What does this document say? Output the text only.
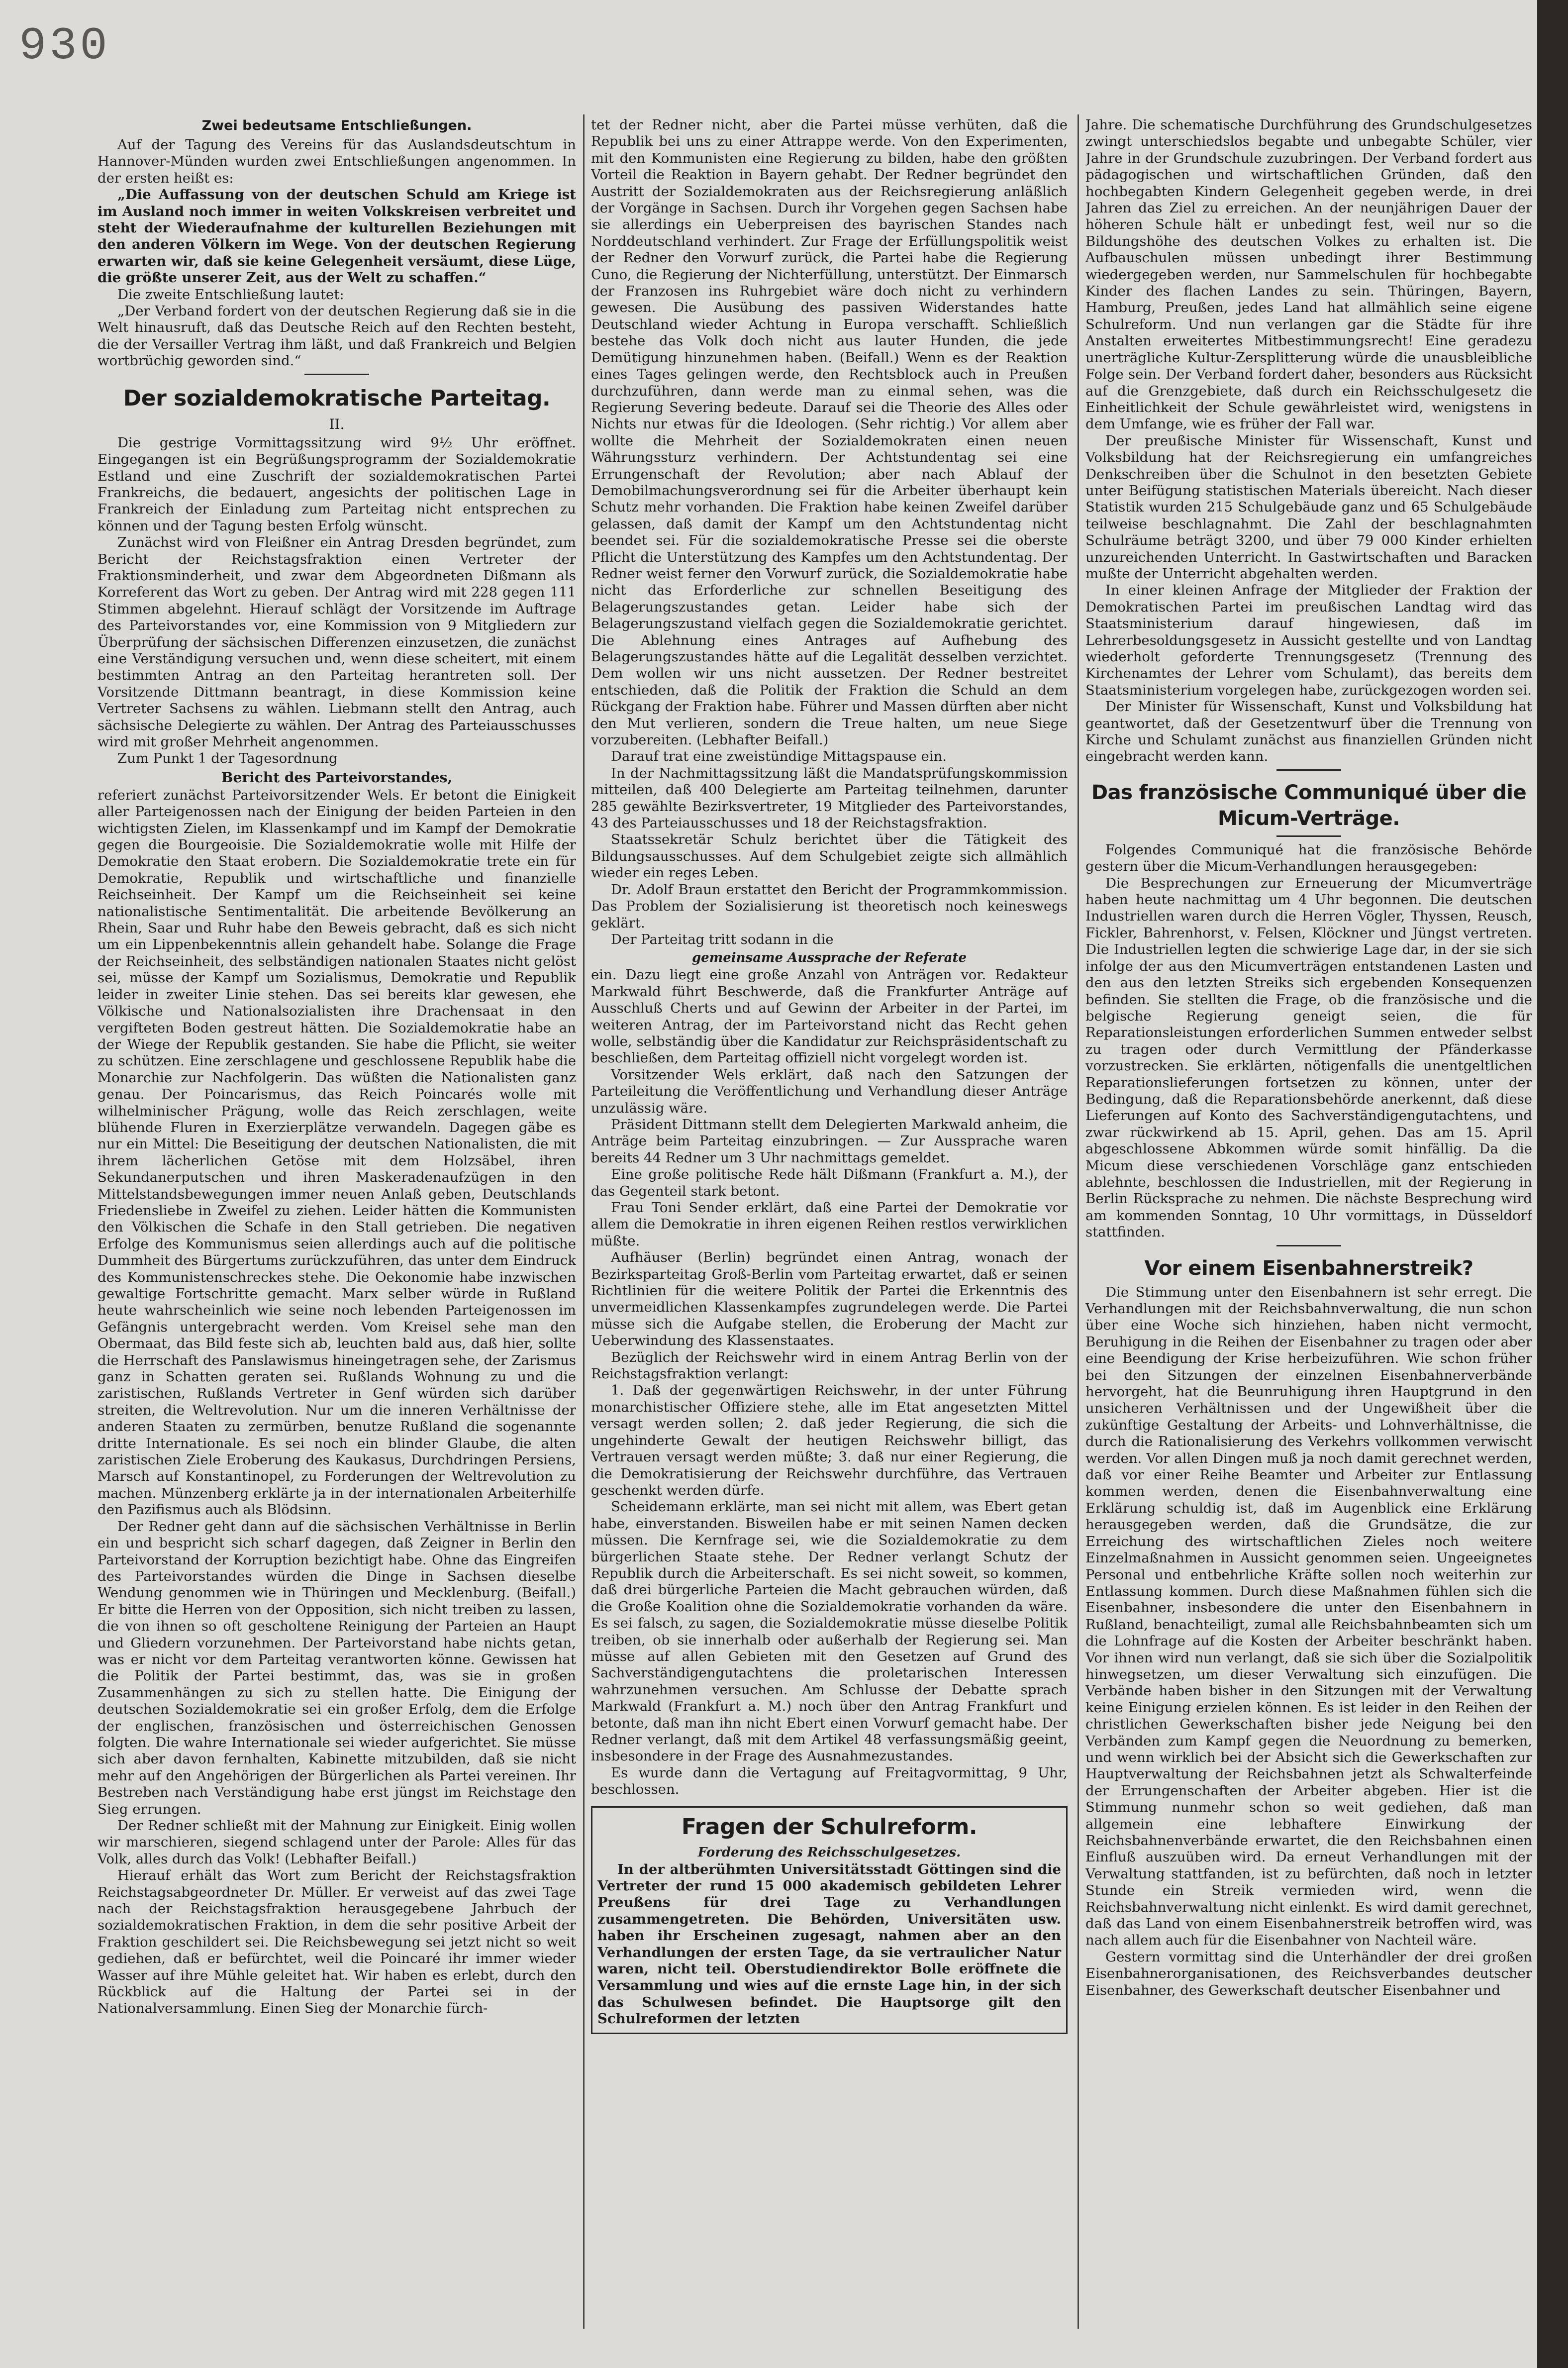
930
Zwei bedeutsame Entschließungen.

Auf der Tagung des Vereins für das Auslandsdeutschtum in Hannover-Münden wurden zwei Entschließungen angenommen. In der ersten heißt es:

„Die Auffassung von der deutschen Schuld am Kriege ist im Ausland noch immer in weiten Volkskreisen verbreitet und steht der Wiederaufnahme der kulturellen Beziehungen mit den anderen Völkern im Wege. Von der deutschen Regierung erwarten wir, daß sie keine Gelegenheit versäumt, diese Lüge, die größte unserer Zeit, aus der Welt zu schaffen.“

Die zweite Entschließung lautet:

„Der Verband fordert von der deutschen Regierung daß sie in die Welt hinausruft, daß das Deutsche Reich auf den Rechten besteht, die der Versailler Vertrag ihm läßt, und daß Frankreich und Belgien wortbrüchig geworden sind.“

Der sozialdemokratische Parteitag.
II.

Die gestrige Vormittagssitzung wird 9½ Uhr eröffnet. Eingegangen ist ein Begrüßungsprogramm der Sozialdemokratie Estland und eine Zuschrift der sozialdemokratischen Partei Frankreichs, die bedauert, angesichts der politischen Lage in Frankreich der Einladung zum Parteitag nicht entsprechen zu können und der Tagung besten Erfolg wünscht.

Zunächst wird von Fleißner ein Antrag Dresden begründet, zum Bericht der Reichstagsfraktion einen Vertreter der Fraktionsminderheit, und zwar dem Abgeordneten Dißmann als Korreferent das Wort zu geben. Der Antrag wird mit 228 gegen 111 Stimmen abgelehnt. Hierauf schlägt der Vorsitzende im Auftrage des Parteivorstandes vor, eine Kommission von 9 Mitgliedern zur Überprüfung der sächsischen Differenzen einzusetzen, die zunächst eine Verständigung versuchen und, wenn diese scheitert, mit einem bestimmten Antrag an den Parteitag herantreten soll. Der Vorsitzende Dittmann beantragt, in diese Kommission keine Vertreter Sachsens zu wählen. Liebmann stellt den Antrag, auch sächsische Delegierte zu wählen. Der Antrag des Parteiausschusses wird mit großer Mehrheit angenommen.

Zum Punkt 1 der Tagesordnung

Bericht des Parteivorstandes,

referiert zunächst Parteivorsitzender Wels. Er betont die Einigkeit aller Parteigenossen nach der Einigung der beiden Parteien in den wichtigsten Zielen, im Klassenkampf und im Kampf der Demokratie gegen die Bourgeoisie. Die Sozialdemokratie wolle mit Hilfe der Demokratie den Staat erobern. Die Sozialdemokratie trete ein für Demokratie, Republik und wirtschaftliche und finanzielle Reichseinheit. Der Kampf um die Reichseinheit sei keine nationalistische Sentimentalität. Die arbeitende Bevölkerung an Rhein, Saar und Ruhr habe den Beweis gebracht, daß es sich nicht um ein Lippenbekenntnis allein gehandelt habe. Solange die Frage der Reichseinheit, des selbständigen nationalen Staates nicht gelöst sei, müsse der Kampf um Sozialismus, Demokratie und Republik leider in zweiter Linie stehen. Das sei bereits klar gewesen, ehe Völkische und Nationalsozialisten ihre Drachensaat in den vergifteten Boden gestreut hätten. Die Sozialdemokratie habe an der Wiege der Republik gestanden. Sie habe die Pflicht, sie weiter zu schützen. Eine zerschlagene und geschlossene Republik habe die Monarchie zur Nachfolgerin. Das wüßten die Nationalisten ganz genau. Der Poincarismus, das Reich Poincarés wolle mit wilhelminischer Prägung, wolle das Reich zerschlagen, weite blühende Fluren in Exerzierplätze verwandeln. Dagegen gäbe es nur ein Mittel: Die Beseitigung der deutschen Nationalisten, die mit ihrem lächerlichen Getöse mit dem Holzsäbel, ihren Sekundanerputschen und ihren Maskeradenaufzügen in den Mittelstandsbewegungen immer neuen Anlaß geben, Deutschlands Friedensliebe in Zweifel zu ziehen. Leider hätten die Kommunisten den Völkischen die Schafe in den Stall getrieben. Die negativen Erfolge des Kommunismus seien allerdings auch auf die politische Dummheit des Bürgertums zurückzuführen, das unter dem Eindruck des Kommunistenschreckes stehe. Die Oekonomie habe inzwischen gewaltige Fortschritte gemacht. Marx selber würde in Rußland heute wahrscheinlich wie seine noch lebenden Parteigenossen im Gefängnis untergebracht werden. Vom Kreisel sehe man den Obermaat, das Bild feste sich ab, leuchten bald aus, daß hier, sollte die Herrschaft des Panslawismus hineingetragen sehe, der Zarismus ganz in Schatten geraten sei. Rußlands Wohnung zu und die zaristischen, Rußlands Vertreter in Genf würden sich darüber streiten, die Weltrevolution. Nur um die inneren Verhältnisse der anderen Staaten zu zermürben, benutze Rußland die sogenannte dritte Internationale. Es sei noch ein blinder Glaube, die alten zaristischen Ziele Eroberung des Kaukasus, Durchdringen Persiens, Marsch auf Konstantinopel, zu Forderungen der Weltrevolution zu machen. Münzenberg erklärte ja in der internationalen Arbeiterhilfe den Pazifismus auch als Blödsinn.

Der Redner geht dann auf die sächsischen Verhältnisse in Berlin ein und bespricht sich scharf dagegen, daß Zeigner in Berlin den Parteivorstand der Korruption bezichtigt habe. Ohne das Eingreifen des Parteivorstandes würden die Dinge in Sachsen dieselbe Wendung genommen wie in Thüringen und Mecklenburg. (Beifall.) Er bitte die Herren von der Opposition, sich nicht treiben zu lassen, die von ihnen so oft gescholtene Reinigung der Parteien an Haupt und Gliedern vorzunehmen. Der Parteivorstand habe nichts getan, was er nicht vor dem Parteitag verantworten könne. Gewissen hat die Politik der Partei bestimmt, das, was sie in großen Zusammenhängen zu sich zu stellen hatte. Die Einigung der deutschen Sozialdemokratie sei ein großer Erfolg, dem die Erfolge der englischen, französischen und österreichischen Genossen folgten. Die wahre Internationale sei wieder aufgerichtet. Sie müsse sich aber davon fernhalten, Kabinette mitzubilden, daß sie nicht mehr auf den Angehörigen der Bürgerlichen als Partei vereinen. Ihr Bestreben nach Verständigung habe erst jüngst im Reichstage den Sieg errungen.

Der Redner schließt mit der Mahnung zur Einigkeit. Einig wollen wir marschieren, siegend schlagend unter der Parole: Alles für das Volk, alles durch das Volk! (Lebhafter Beifall.)

Hierauf erhält das Wort zum Bericht der Reichstagsfraktion Reichstagsabgeordneter Dr. Müller. Er verweist auf das zwei Tage nach der Reichstagsfraktion herausgegebene Jahrbuch der sozialdemokratischen Fraktion, in dem die sehr positive Arbeit der Fraktion geschildert sei. Die Reichsbewegung sei jetzt nicht so weit gediehen, daß er befürchtet, weil die Poincaré ihr immer wieder Wasser auf ihre Mühle geleitet hat. Wir haben es erlebt, durch den Rückblick auf die Haltung der Partei sei in der Nationalversammlung. Einen Sieg der Monarchie fürch-

tet der Redner nicht, aber die Partei müsse verhüten, daß die Republik bei uns zu einer Attrappe werde. Von den Experimenten, mit den Kommunisten eine Regierung zu bilden, habe den größten Vorteil die Reaktion in Bayern gehabt. Der Redner begründet den Austritt der Sozialdemokraten aus der Reichsregierung anläßlich der Vorgänge in Sachsen. Durch ihr Vorgehen gegen Sachsen habe sie allerdings ein Ueberpreisen des bayrischen Standes nach Norddeutschland verhindert. Zur Frage der Erfüllungspolitik weist der Redner den Vorwurf zurück, die Partei habe die Regierung Cuno, die Regierung der Nichterfüllung, unterstützt. Der Einmarsch der Franzosen ins Ruhrgebiet wäre doch nicht zu verhindern gewesen. Die Ausübung des passiven Widerstandes hatte Deutschland wieder Achtung in Europa verschafft. Schließlich bestehe das Volk doch nicht aus lauter Hunden, die jede Demütigung hinzunehmen haben. (Beifall.) Wenn es der Reaktion eines Tages gelingen werde, den Rechtsblock auch in Preußen durchzuführen, dann werde man zu einmal sehen, was die Regierung Severing bedeute. Darauf sei die Theorie des Alles oder Nichts nur etwas für die Ideologen. (Sehr richtig.) Vor allem aber wollte die Mehrheit der Sozialdemokraten einen neuen Währungssturz verhindern. Der Achtstundentag sei eine Errungenschaft der Revolution; aber nach Ablauf der Demobilmachungsverordnung sei für die Arbeiter überhaupt kein Schutz mehr vorhanden. Die Fraktion habe keinen Zweifel darüber gelassen, daß damit der Kampf um den Achtstundentag nicht beendet sei. Für die sozialdemokratische Presse sei die oberste Pflicht die Unterstützung des Kampfes um den Achtstundentag. Der Redner weist ferner den Vorwurf zurück, die Sozialdemokratie habe nicht das Erforderliche zur schnellen Beseitigung des Belagerungszustandes getan. Leider habe sich der Belagerungszustand vielfach gegen die Sozialdemokratie gerichtet. Die Ablehnung eines Antrages auf Aufhebung des Belagerungszustandes hätte auf die Legalität desselben verzichtet. Dem wollen wir uns nicht aussetzen. Der Redner bestreitet entschieden, daß die Politik der Fraktion die Schuld an dem Rückgang der Fraktion habe. Führer und Massen dürften aber nicht den Mut verlieren, sondern die Treue halten, um neue Siege vorzubereiten. (Lebhafter Beifall.)

Darauf trat eine zweistündige Mittagspause ein.

In der Nachmittagssitzung läßt die Mandatsprüfungskommission mitteilen, daß 400 Delegierte am Parteitag teilnehmen, darunter 285 gewählte Bezirksvertreter, 19 Mitglieder des Parteivorstandes, 43 des Parteiausschusses und 18 der Reichstagsfraktion.

Staatssekretär Schulz berichtet über die Tätigkeit des Bildungsausschusses. Auf dem Schulgebiet zeigte sich allmählich wieder ein reges Leben.

Dr. Adolf Braun erstattet den Bericht der Programmkommission. Das Problem der Sozialisierung ist theoretisch noch keineswegs geklärt.

Der Parteitag tritt sodann in die

gemeinsame Aussprache der Referate

ein. Dazu liegt eine große Anzahl von Anträgen vor. Redakteur Markwald führt Beschwerde, daß die Frankfurter Anträge auf Ausschluß Cherts und auf Gewinn der Arbeiter in der Partei, im weiteren Antrag, der im Parteivorstand nicht das Recht gehen wolle, selbständig über die Kandidatur zur Reichspräsidentschaft zu beschließen, dem Parteitag offiziell nicht vorgelegt worden ist.

Vorsitzender Wels erklärt, daß nach den Satzungen der Parteileitung die Veröffentlichung und Verhandlung dieser Anträge unzulässig wäre.

Präsident Dittmann stellt dem Delegierten Markwald anheim, die Anträge beim Parteitag einzubringen. — Zur Aussprache waren bereits 44 Redner um 3 Uhr nachmittags gemeldet.

Eine große politische Rede hält Dißmann (Frankfurt a. M.), der das Gegenteil stark betont.

Frau Toni Sender erklärt, daß eine Partei der Demokratie vor allem die Demokratie in ihren eigenen Reihen restlos verwirklichen müßte.

Aufhäuser (Berlin) begründet einen Antrag, wonach der Bezirksparteitag Groß-Berlin vom Parteitag erwartet, daß er seinen Richtlinien für die weitere Politik der Partei die Erkenntnis des unvermeidlichen Klassenkampfes zugrundelegen werde. Die Partei müsse sich die Aufgabe stellen, die Eroberung der Macht zur Ueberwindung des Klassenstaates.

Bezüglich der Reichswehr wird in einem Antrag Berlin von der Reichstagsfraktion verlangt:

1. Daß der gegenwärtigen Reichswehr, in der unter Führung monarchistischer Offiziere stehe, alle im Etat angesetzten Mittel versagt werden sollen; 2. daß jeder Regierung, die sich die ungehinderte Gewalt der heutigen Reichswehr billigt, das Vertrauen versagt werden müßte; 3. daß nur einer Regierung, die die Demokratisierung der Reichswehr durchführe, das Vertrauen geschenkt werden dürfe.

Scheidemann erklärte, man sei nicht mit allem, was Ebert getan habe, einverstanden. Bisweilen habe er mit seinen Namen decken müssen. Die Kernfrage sei, wie die Sozialdemokratie zu dem bürgerlichen Staate stehe. Der Redner verlangt Schutz der Republik durch die Arbeiterschaft. Es sei nicht soweit, so kommen, daß drei bürgerliche Parteien die Macht gebrauchen würden, daß die Große Koalition ohne die Sozialdemokratie vorhanden da wäre. Es sei falsch, zu sagen, die Sozialdemokratie müsse dieselbe Politik treiben, ob sie innerhalb oder außerhalb der Regierung sei. Man müsse auf allen Gebieten mit den Gesetzen auf Grund des Sachverständigengutachtens die proletarischen Interessen wahrzunehmen versuchen. Am Schlusse der Debatte sprach Markwald (Frankfurt a. M.) noch über den Antrag Frankfurt und betonte, daß man ihn nicht Ebert einen Vorwurf gemacht habe. Der Redner verlangt, daß mit dem Artikel 48 verfassungsmäßig geeint, insbesondere in der Frage des Ausnahmezustandes.

Es wurde dann die Vertagung auf Freitagvormittag, 9 Uhr, beschlossen.

Fragen der Schulreform.
Forderung des Reichsschulgesetzes.

In der altberühmten Universitätsstadt Göttingen sind die Vertreter der rund 15 000 akademisch gebildeten Lehrer Preußens für drei Tage zu Verhandlungen zusammengetreten. Die Behörden, Universitäten usw. haben ihr Erscheinen zugesagt, nahmen aber an den Verhandlungen der ersten Tage, da sie vertraulicher Natur waren, nicht teil. Oberstudiendirektor Bolle eröffnete die Versammlung und wies auf die ernste Lage hin, in der sich das Schulwesen befindet. Die Hauptsorge gilt den Schulreformen der letzten

Jahre. Die schematische Durchführung des Grundschulgesetzes zwingt unterschiedslos begabte und unbegabte Schüler, vier Jahre in der Grundschule zuzubringen. Der Verband fordert aus pädagogischen und wirtschaftlichen Gründen, daß den hochbegabten Kindern Gelegenheit gegeben werde, in drei Jahren das Ziel zu erreichen. An der neunjährigen Dauer der höheren Schule hält er unbedingt fest, weil nur so die Bildungshöhe des deutschen Volkes zu erhalten ist. Die Aufbauschulen müssen unbedingt ihrer Bestimmung wiedergegeben werden, nur Sammelschulen für hochbegabte Kinder des flachen Landes zu sein. Thüringen, Bayern, Hamburg, Preußen, jedes Land hat allmählich seine eigene Schulreform. Und nun verlangen gar die Städte für ihre Anstalten erweitertes Mitbestimmungsrecht! Eine geradezu unerträgliche Kultur-Zersplitterung würde die unausbleibliche Folge sein. Der Verband fordert daher, besonders aus Rücksicht auf die Grenzgebiete, daß durch ein Reichsschulgesetz die Einheitlichkeit der Schule gewährleistet wird, wenigstens in dem Umfange, wie es früher der Fall war.

Der preußische Minister für Wissenschaft, Kunst und Volksbildung hat der Reichsregierung ein umfangreiches Denkschreiben über die Schulnot in den besetzten Gebiete unter Beifügung statistischen Materials übereicht. Nach dieser Statistik wurden 215 Schulgebäude ganz und 65 Schulgebäude teilweise beschlagnahmt. Die Zahl der beschlagnahmten Schulräume beträgt 3200, und über 79 000 Kinder erhielten unzureichenden Unterricht. In Gastwirtschaften und Baracken mußte der Unterricht abgehalten werden.

In einer kleinen Anfrage der Mitglieder der Fraktion der Demokratischen Partei im preußischen Landtag wird das Staatsministerium darauf hingewiesen, daß im Lehrerbesoldungsgesetz in Aussicht gestellte und von Landtag wiederholt geforderte Trennungsgesetz (Trennung des Kirchenamtes der Lehrer vom Schulamt), das bereits dem Staatsministerium vorgelegen habe, zurückgezogen worden sei.

Der Minister für Wissenschaft, Kunst und Volksbildung hat geantwortet, daß der Gesetzentwurf über die Trennung von Kirche und Schulamt zunächst aus finanziellen Gründen nicht eingebracht werden kann.

Das französische Communiqué über die Micum-Verträge.

Folgendes Communiqué hat die französische Behörde gestern über die Micum-Verhandlungen herausgegeben:

Die Besprechungen zur Erneuerung der Micumverträge haben heute nachmittag um 4 Uhr begonnen. Die deutschen Industriellen waren durch die Herren Vögler, Thyssen, Reusch, Fickler, Bahrenhorst, v. Felsen, Klöckner und Jüngst vertreten. Die Industriellen legten die schwierige Lage dar, in der sie sich infolge der aus den Micumverträgen entstandenen Lasten und den aus den letzten Streiks sich ergebenden Konsequenzen befinden. Sie stellten die Frage, ob die französische und die belgische Regierung geneigt seien, die für Reparationsleistungen erforderlichen Summen entweder selbst zu tragen oder durch Vermittlung der Pfänderkasse vorzustrecken. Sie erklärten, nötigenfalls die unentgeltlichen Reparationslieferungen fortsetzen zu können, unter der Bedingung, daß die Reparationsbehörde anerkennt, daß diese Lieferungen auf Konto des Sachverständigengutachtens, und zwar rückwirkend ab 15. April, gehen. Das am 15. April abgeschlossene Abkommen würde somit hinfällig. Da die Micum diese verschiedenen Vorschläge ganz entschieden ablehnte, beschlossen die Industriellen, mit der Regierung in Berlin Rücksprache zu nehmen. Die nächste Besprechung wird am kommenden Sonntag, 10 Uhr vormittags, in Düsseldorf stattfinden.

Vor einem Eisenbahnerstreik?

Die Stimmung unter den Eisenbahnern ist sehr erregt. Die Verhandlungen mit der Reichsbahnverwaltung, die nun schon über eine Woche sich hinziehen, haben nicht vermocht, Beruhigung in die Reihen der Eisenbahner zu tragen oder aber eine Beendigung der Krise herbeizuführen. Wie schon früher bei den Sitzungen der einzelnen Eisenbahnerverbände hervorgeht, hat die Beunruhigung ihren Hauptgrund in den unsicheren Verhältnissen und der Ungewißheit über die zukünftige Gestaltung der Arbeits- und Lohnverhältnisse, die durch die Rationalisierung des Verkehrs vollkommen verwischt werden. Vor allen Dingen muß ja noch damit gerechnet werden, daß vor einer Reihe Beamter und Arbeiter zur Entlassung kommen werden, denen die Eisenbahnverwaltung eine Erklärung schuldig ist, daß im Augenblick eine Erklärung herausgegeben werden, daß die Grundsätze, die zur Erreichung des wirtschaftlichen Zieles noch weitere Einzelmaßnahmen in Aussicht genommen seien. Ungeeignetes Personal und entbehrliche Kräfte sollen noch weiterhin zur Entlassung kommen. Durch diese Maßnahmen fühlen sich die Eisenbahner, insbesondere die unter den Eisenbahnern in Rußland, benachteiligt, zumal alle Reichsbahnbeamten sich um die Lohnfrage auf die Kosten der Arbeiter beschränkt haben. Vor ihnen wird nun verlangt, daß sie sich über die Sozialpolitik hinwegsetzen, um dieser Verwaltung sich einzufügen. Die Verbände haben bisher in den Sitzungen mit der Verwaltung keine Einigung erzielen können. Es ist leider in den Reihen der christlichen Gewerkschaften bisher jede Neigung bei den Verbänden zum Kampf gegen die Neuordnung zu bemerken, und wenn wirklich bei der Absicht sich die Gewerkschaften zur Hauptverwaltung der Reichsbahnen jetzt als Schwalterfeinde der Errungenschaften der Arbeiter abgeben. Hier ist die Stimmung nunmehr schon so weit gediehen, daß man allgemein eine lebhaftere Einwirkung der Reichsbahnenverbände erwartet, die den Reichsbahnen einen Einfluß auszuüben wird. Da erneut Verhandlungen mit der Verwaltung stattfanden, ist zu befürchten, daß noch in letzter Stunde ein Streik vermieden wird, wenn die Reichsbahnverwaltung nicht einlenkt. Es wird damit gerechnet, daß das Land von einem Eisenbahnerstreik betroffen wird, was nach allem auch für die Eisenbahner von Nachteil wäre.

Gestern vormittag sind die Unterhändler der drei großen Eisenbahnerorganisationen, des Reichsverbandes deutscher Eisenbahner, des Gewerkschaft deutscher Eisenbahner und
